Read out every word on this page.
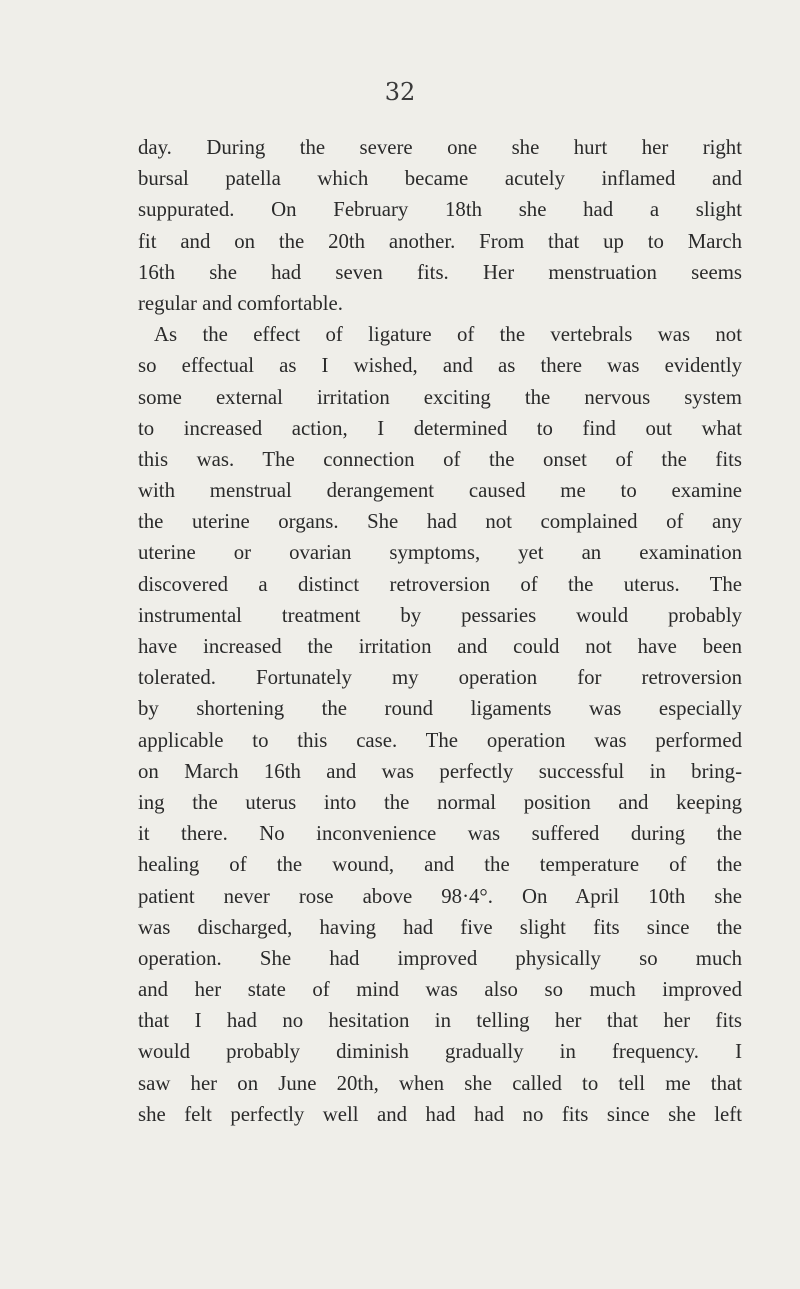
32
day. During the severe one she hurt her right
bursal patella which became acutely inflamed and
suppurated. On February 18th she had a slight
fit and on the 20th another. From that up to March
16th she had seven fits. Her menstruation seems
regular and comfortable.
As the effect of ligature of the vertebrals was not
so effectual as I wished, and as there was evidently
some external irritation exciting the nervous system
to increased action, I determined to find out what
this was. The connection of the onset of the fits
with menstrual derangement caused me to examine
the uterine organs. She had not complained of any
uterine or ovarian symptoms, yet an examination
discovered a distinct retroversion of the uterus. The
instrumental treatment by pessaries would probably
have increased the irritation and could not have been
tolerated. Fortunately my operation for retroversion
by shortening the round ligaments was especially
applicable to this case. The operation was performed
on March 16th and was perfectly successful in bring-
ing the uterus into the normal position and keeping
it there. No inconvenience was suffered during the
healing of the wound, and the temperature of the
patient never rose above 98·4°. On April 10th she
was discharged, having had five slight fits since the
operation. She had improved physically so much
and her state of mind was also so much improved
that I had no hesitation in telling her that her fits
would probably diminish gradually in frequency. I
saw her on June 20th, when she called to tell me that
she felt perfectly well and had had no fits since she left
